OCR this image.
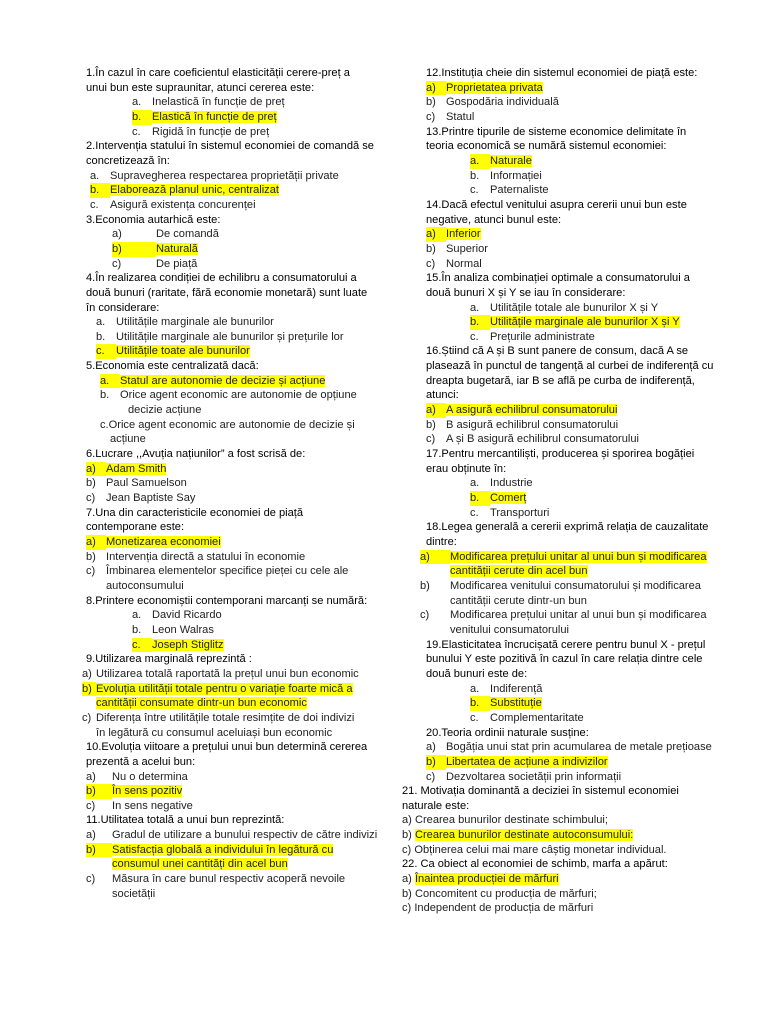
1.În cazul în care coeficientul elasticității cerere-preț a
unui bun este supraunitar, atunci cererea este:
a. Inelastică în funcție de preț
b. Elastică în funcție de preț
c. Rigidă în funcție de preț
2.Intervenția statului în sistemul economiei de comandă se
concretizează în:
a. Supravegherea respectarea proprietății private
b. Elaborează planul unic, centralizat
c. Asigură existența concurenței
3.Economia autarhică este:
a)	De comandă
b)	Naturală
c)	De piață
4.În realizarea condiției de echilibru a consumatorului a
două bunuri (raritate, fără economie monetară) sunt luate
în considerare:
a. Utilitățile marginale ale bunurilor
b. Utilitățile marginale ale bunurilor și prețurile lor
c. Utilitățile toate ale bunurilor
5.Economia este centralizată dacă:
a. Statul are autonomie de decizie și acțiune
b. Orice agent economic are autonomie de opțiune
decizie acțiune
c.Orice agent economic are autonomie de decizie și
acțiune
6.Lucrare ,,Avuția națiunilor” a fost scrisă de:
a) Adam Smith
b) Paul Samuelson
c) Jean Baptiste Say
7.Una din caracteristicile economiei de piață
contemporane este:
a) Monetizarea economiei
b) Intervenția directă a statului în economie
c) Îmbinarea elementelor specifice pieței cu cele ale
autoconsumului
8.Printere economiștii contemporani marcanți se numără:
a. David Ricardo
b. Leon Walras
c. Joseph Stiglitz
9.Utilizarea marginală reprezintă :
a) Utilizarea totală raportată la prețul unui bun economic
b) Evoluția utilității totale pentru o variație foarte mică a
cantității consumate dintr-un bun economic
c) Diferența între utilitățile totale resimțite de doi indivizi
în legătură cu consumul aceluiași bun economic
10.Evoluția viitoare a prețului unui bun determină cererea
prezentă a acelui bun:
a) Nu o determina
b) În sens pozitiv
c) In sens negative
11.Utilitatea totală a unui bun reprezintă:
a) Gradul de utilizare a bunului respectiv de către indivizi
b) Satisfacția globală a individului în legătură cu
consumul unei cantități din acel bun
c) Măsura în care bunul respectiv acoperă nevoile
societății
12.Instituția cheie din sistemul economiei de piață este:
a) Proprietatea privata
b) Gospodăria individuală
c) Statul
13.Printre tipurile de sisteme economice delimitate în
teoria economică se numără sistemul economiei:
a. Naturale
b. Informației
c. Paternaliste
14.Dacă efectul venitului asupra cererii unui bun este
negative, atunci bunul este:
a) Inferior
b) Superior
c) Normal
15.În analiza combinației optimale a consumatorului a
două bunuri X și Y se iau în considerare:
a. Utilitățile totale ale bunurilor X și Y
b. Utilitățile marginale ale bunurilor X și Y
c. Prețurile administrate
16.Știind că A și B sunt panere de consum, dacă A se
plasează în punctul de tangență al curbei de indiferență cu
dreapta bugetară, iar B se află pe curba de indiferență,
atunci:
a) A asigură echilibrul consumatorului
b) B asigură echilibrul consumatorului
c) A și B asigură echilibrul consumatorului
17.Pentru mercantiliști, producerea și sporirea bogăției
erau obținute în:
a. Industrie
b. Comerț
c. Transporturi
18.Legea generală a cererii exprimă relația de cauzalitate
dintre:
a) Modificarea prețului unitar al unui bun și modificarea
cantității cerute din acel bun
b) Modificarea venitului consumatorului și modificarea
cantității cerute dintr-un bun
c) Modificarea prețului unitar al unui bun și modificarea
venitului consumatorului
19.Elasticitatea încrucișată cerere pentru bunul X - prețul
bunului Y este pozitivă în cazul în care relația dintre cele
două bunuri este de:
a. Indiferență
b. Substituție
c. Complementaritate
20.Teoria ordinii naturale susține:
a) Bogăția unui stat prin acumularea de metale prețioase
b) Libertatea de acțiune a indivizilor
c) Dezvoltarea societății prin informații
21. Motivația dominantă a deciziei în sistemul economiei
naturale este:
a) Crearea bunurilor destinate schimbului;
b) Crearea bunurilor destinate autoconsumului:
c) Obținerea celui mai mare câștig monetar individual.
22. Ca obiect al economiei de schimb, marfa a apărut:
a) Înaintea producției de mărfuri
b) Concomitent cu producția de mărfuri;
c) Independent de producția de mărfuri
